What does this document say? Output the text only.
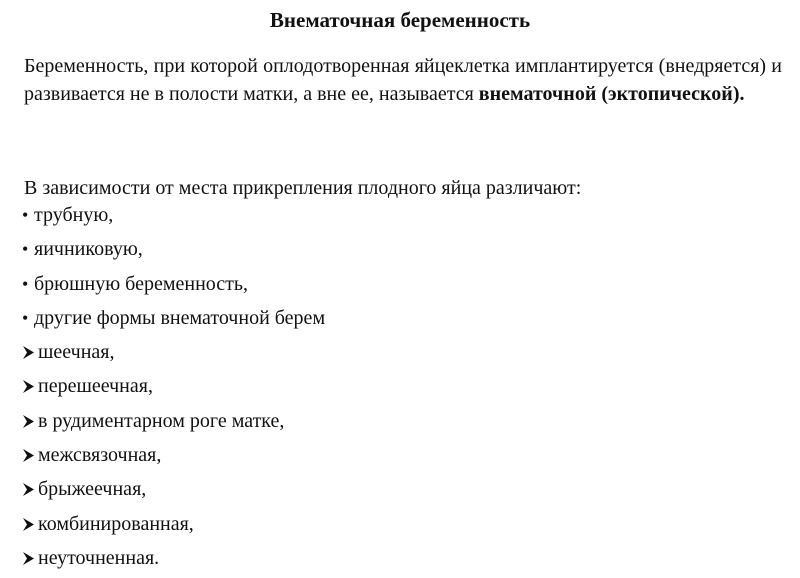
Внематочная беременность
Беременность, при которой оплодотворенная яйцеклетка имплантируется (внедряется) и развивается не в полости матки, а вне ее, называется внематочной (эктопической).
В зависимости от места прикрепления плодного яйца различают:
• трубную,
• яичниковую,
• брюшную беременность,
• другие формы внематочной берем
шеечная,
перешеечная,
в рудиментарном роге матке,
межсвязочная,
брыжеечная,
комбинированная,
неуточненная.
